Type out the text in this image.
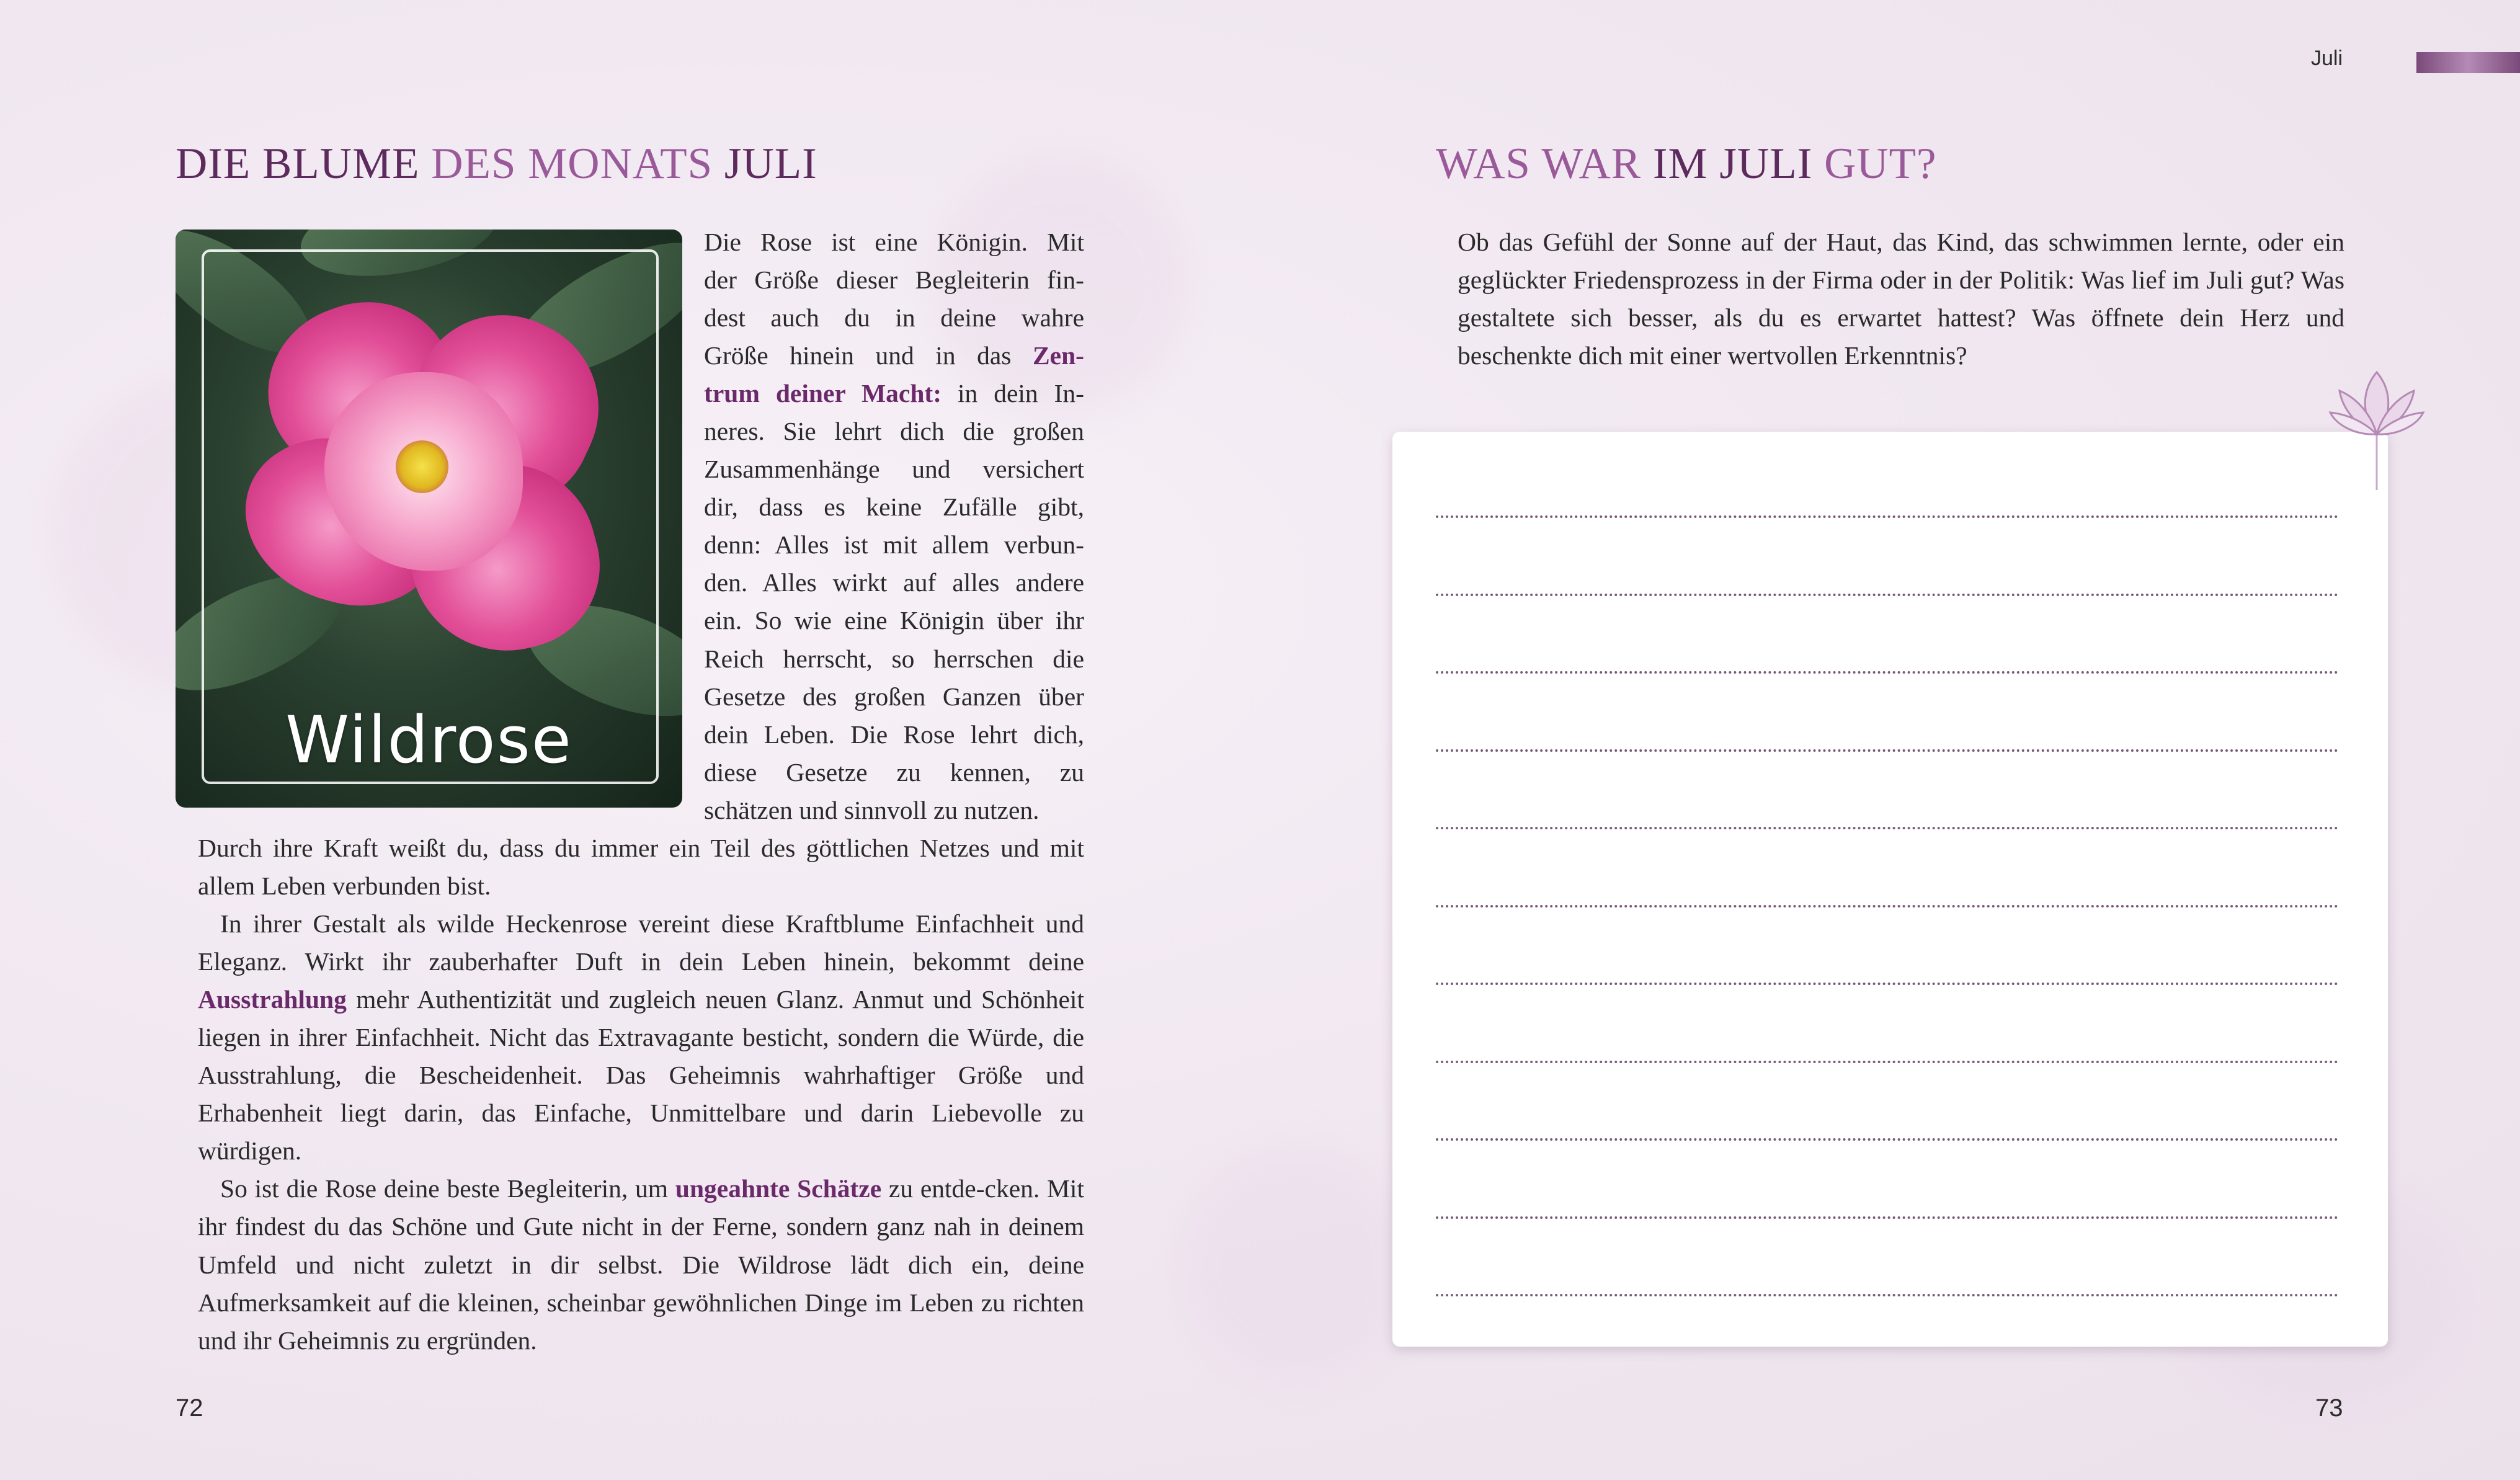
DIE BLUME DES MONATS JULI
Wildrose
Die Rose ist eine Königin. Mit
der Größe dieser Begleiterin fin-
dest auch du in deine wahre
Größe hinein und in das Zen-
trum deiner Macht: in dein In-
neres. Sie lehrt dich die großen
Zusammenhänge und versichert
dir, dass es keine Zufälle gibt,
denn: Alles ist mit allem verbun-
den. Alles wirkt auf alles andere
ein. So wie eine Königin über ihr
Reich herrscht, so herrschen die
Gesetze des großen Ganzen über
dein Leben. Die Rose lehrt dich,
diese Gesetze zu kennen, zu
schätzen und sinnvoll zu nutzen.

Durch ihre Kraft weißt du, dass du immer ein Teil des göttlichen Netzes und mit allem Leben verbunden bist.

In ihrer Gestalt als wilde Heckenrose vereint diese Kraftblume Einfachheit und Eleganz. Wirkt ihr zauberhafter Duft in dein Leben hinein, bekommt deine Ausstrahlung mehr Authentizität und zugleich neuen Glanz. Anmut und Schönheit liegen in ihrer Einfachheit. Nicht das Extravagante besticht, sondern die Würde, die Ausstrahlung, die Bescheidenheit. Das Geheimnis wahrhaftiger Größe und Erhabenheit liegt darin, das Einfache, Unmittelbare und darin Liebevolle zu würdigen.

So ist die Rose deine beste Begleiterin, um ungeahnte Schätze zu entde-cken. Mit ihr findest du das Schöne und Gute nicht in der Ferne, sondern ganz nah in deinem Umfeld und nicht zuletzt in dir selbst. Die Wildrose lädt dich ein, deine Aufmerksamkeit auf die kleinen, scheinbar gewöhnlichen Dinge im Leben zu richten und ihr Geheimnis zu ergründen.

72
Juli
WAS WAR IM JULI GUT?

Ob das Gefühl der Sonne auf der Haut, das Kind, das schwimmen lernte, oder ein geglückter Friedensprozess in der Firma oder in der Politik: Was lief im Juli gut? Was gestaltete sich besser, als du es erwartet hattest? Was öffnete dein Herz und beschenkte dich mit einer wertvollen Erkenntnis?

73
